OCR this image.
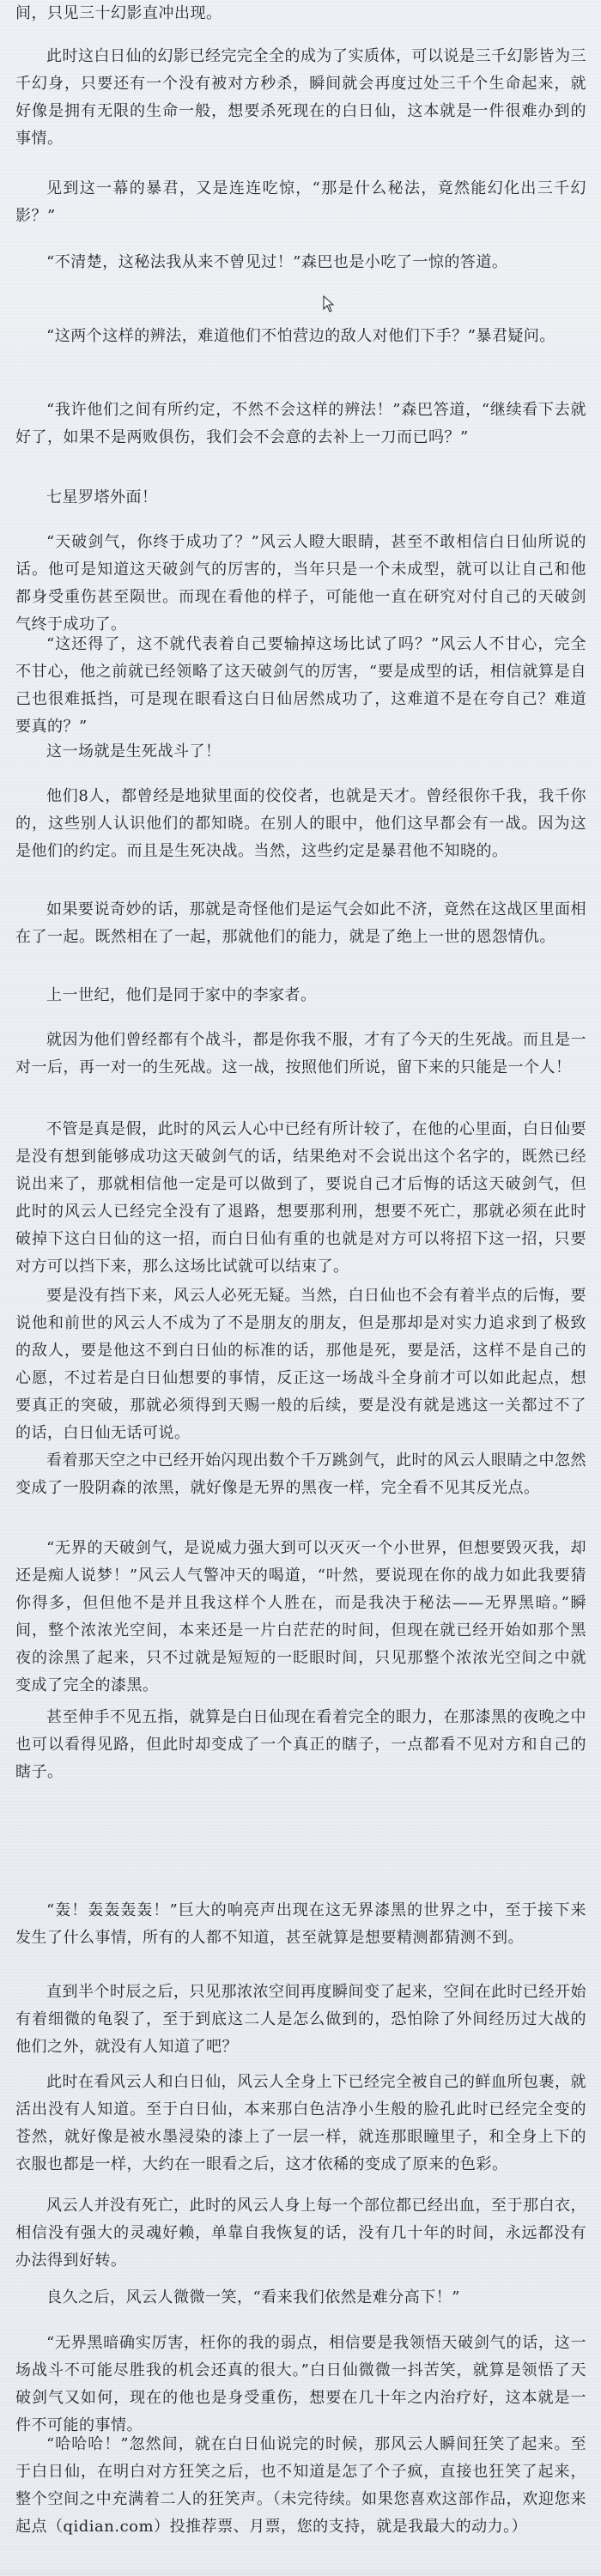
间，只见三十幻影直冲出现。

此时这白日仙的幻影已经完完全全的成为了实质体，可以说是三千幻影皆为三千幻身，只要还有一个没有被对方秒杀，瞬间就会再度过处三千个生命起来，就好像是拥有无限的生命一般，想要杀死现在的白日仙，这本就是一件很难办到的事情。

见到这一幕的暴君，又是连连吃惊，“那是什么秘法，竟然能幻化出三千幻影？”

“不清楚，这秘法我从来不曾见过！”森巴也是小吃了一惊的答道。

“这两个这样的辨法，难道他们不怕营边的敌人对他们下手？”暴君疑问。

“我许他们之间有所约定，不然不会这样的辨法！”森巴答道，“继续看下去就好了，如果不是两败俱伤，我们会不会意的去补上一刀而已吗？”

七星罗塔外面！

“天破剑气，你终于成功了？”风云人瞪大眼睛，甚至不敢相信白日仙所说的话。他可是知道这天破剑气的厉害的，当年只是一个未成型，就可以让自己和他都身受重伤甚至陨世。而现在看他的样子，可能他一直在研究对付自己的天破剑气终于成功了。

“这还得了，这不就代表着自己要输掉这场比试了吗？”风云人不甘心，完全不甘心，他之前就已经领略了这天破剑气的厉害，“要是成型的话，相信就算是自己也很难抵挡，可是现在眼看这白日仙居然成功了，这难道不是在夸自己？难道要真的？”

这一场就是生死战斗了！

他们8人，都曾经是地狱里面的佼佼者，也就是天才。曾经很你千我，我千你的，这些别人认识他们的都知晓。在别人的眼中，他们这早都会有一战。因为这是他们的约定。而且是生死决战。当然，这些约定是暴君他不知晓的。

如果要说奇妙的话，那就是奇怪他们是运气会如此不济，竟然在这战区里面相在了一起。既然相在了一起，那就他们的能力，就是了绝上一世的恩怨情仇。

上一世纪，他们是同于家中的李家者。

就因为他们曾经都有个战斗，都是你我不服，才有了今天的生死战。而且是一对一后，再一对一的生死战。这一战，按照他们所说，留下来的只能是一个人！

不管是真是假，此时的风云人心中已经有所计较了，在他的心里面，白日仙要是没有想到能够成功这天破剑气的话，结果绝对不会说出这个名字的，既然已经说出来了，那就相信他一定是可以做到了，要说自己才后悔的话这天破剑气，但此时的风云人已经完全没有了退路，想要那利刑，想要不死亡，那就必须在此时破掉下这白日仙的这一招，而白日仙有重的也就是对方可以将招下这一招，只要对方可以挡下来，那么这场比试就可以结束了。

要是没有挡下来，风云人必死无疑。当然，白日仙也不会有着半点的后悔，要说他和前世的风云人不成为了不是朋友的朋友，但是那却是对实力追求到了极致的敌人，要是他这不到白日仙的标准的话，那他是死，要是活，这样不是自己的心愿，不过若是白日仙想要的事情，反正这一场战斗全身前才可以如此起点，想要真正的突破，那就必须得到天赐一般的后续，要是没有就是逃这一关都过不了的话，白日仙无话可说。

看着那天空之中已经开始闪现出数个千万跳剑气，此时的风云人眼睛之中忽然变成了一股阴森的浓黑，就好像是无界的黑夜一样，完全看不见其反光点。

“无界的天破剑气，是说威力强大到可以灭灭一个小世界，但想要毁灭我，却还是痴人说梦！”风云人气警冲天的喝道，“叶然，要说现在你的战力如此我要猜你得多，但但他不是并且我这样个人胜在，而是我决于秘法——无界黑暗。”瞬间，整个浓浓光空间，本来还是一片白茫茫的时间，但现在就已经开始如那个黑夜的涂黑了起来，只不过就是短短的一眨眼时间，只见那整个浓浓光空间之中就变成了完全的漆黑。

甚至伸手不见五指，就算是白日仙现在看着完全的眼力，在那漆黑的夜晚之中也可以看得见路，但此时却变成了一个真正的瞎子，一点都看不见对方和自己的瞎子。

“轰！轰轰轰轰！”巨大的响亮声出现在这无界漆黑的世界之中，至于接下来发生了什么事情，所有的人都不知道，甚至就算是想要精测都猜测不到。

直到半个时辰之后，只见那浓浓空间再度瞬间变了起来，空间在此时已经开始有着细微的龟裂了，至于到底这二人是怎么做到的，恐怕除了外间经历过大战的他们之外，就没有人知道了吧？

此时在看风云人和白日仙，风云人全身上下已经完全被自己的鲜血所包裹，就活出没有人知道。至于白日仙，本来那白色洁净小生般的脸孔此时已经完全变的苍然，就好像是被水墨浸染的漆上了一层一样，就连那眼瞳里子，和全身上下的衣服也都是一样，大约在一眼看之后，这才依稀的变成了原来的色彩。

风云人并没有死亡，此时的风云人身上每一个部位都已经出血，至于那白衣，相信没有强大的灵魂好赖，单靠自我恢复的话，没有几十年的时间，永远都没有办法得到好转。

良久之后，风云人微微一笑，“看来我们依然是难分高下！”

“无界黑暗确实厉害，枉你的我的弱点，相信要是我领悟天破剑气的话，这一场战斗不可能尽胜我的机会还真的很大。”白日仙微微一抖苦笑，就算是领悟了天破剑气又如何，现在的他也是身受重伤，想要在几十年之内治疗好，这本就是一件不可能的事情。

“哈哈哈！”忽然间，就在白日仙说完的时候，那风云人瞬间狂笑了起来。至于白日仙，在明白对方狂笑之后，也不知道是怎了个子疯，直接也狂笑了起来，整个空间之中充满着二人的狂笑声。（未完待续。如果您喜欢这部作品，欢迎您来起点（qidian.com）投推荐票、月票，您的支持，就是我最大的动力。）
